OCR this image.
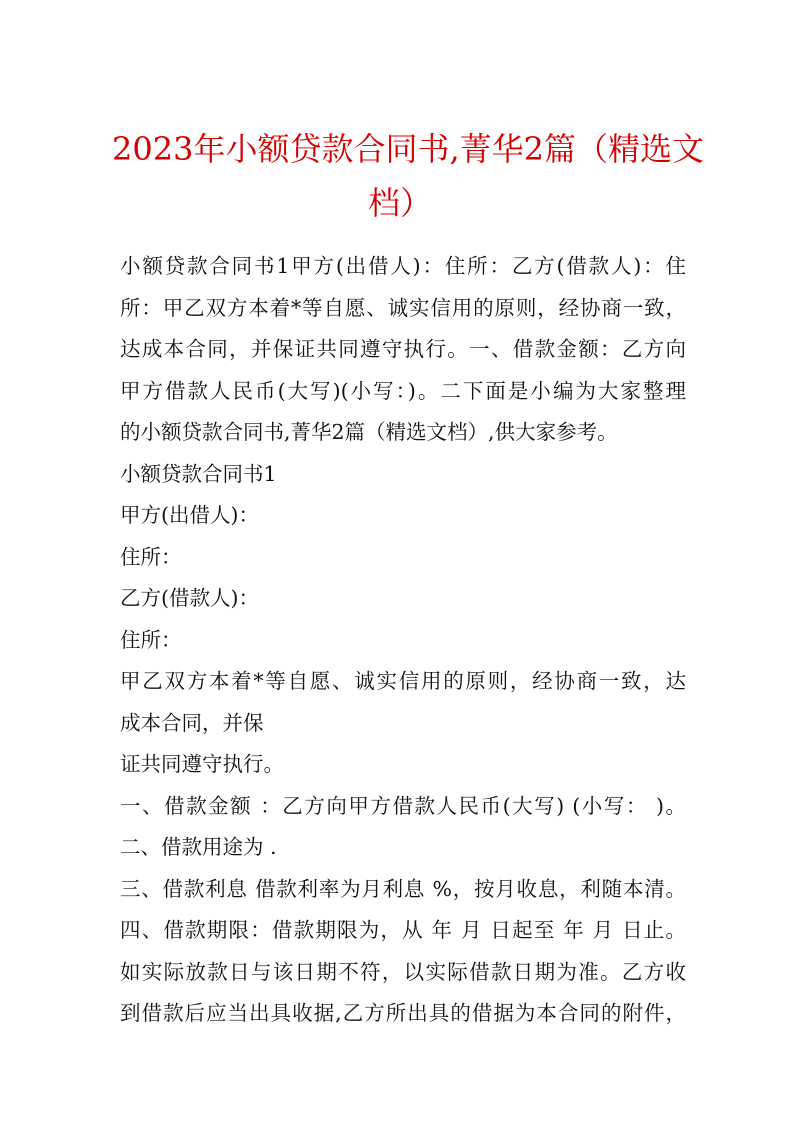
2023年小额贷款合同书,菁华2篇（精选文
档）
小额贷款合同书1甲方(出借人)：住所：乙方(借款人)：住
所：甲乙双方本着*等自愿、诚实信用的原则，经协商一致，
达成本合同，并保证共同遵守执行。一、借款金额：乙方向
甲方借款人民币(大写)(小写：)。二下面是小编为大家整理
的小额贷款合同书,菁华2篇（精选文档）,供大家参考。
小额贷款合同书1
甲方(出借人)：
住所：
乙方(借款人)：
住所：
甲乙双方本着*等自愿、诚实信用的原则，经协商一致，达
成本合同，并保
证共同遵守执行。
一、借款金额 ：乙方向甲方借款人民币(大写) (小写： )。
二、借款用途为 .
三、借款利息 借款利率为月利息 %，按月收息，利随本清。
四、借款期限：借款期限为，从 年 月 日起至 年 月 日止。
如实际放款日与该日期不符，以实际借款日期为准。乙方收
到借款后应当出具收据,乙方所出具的借据为本合同的附件，
